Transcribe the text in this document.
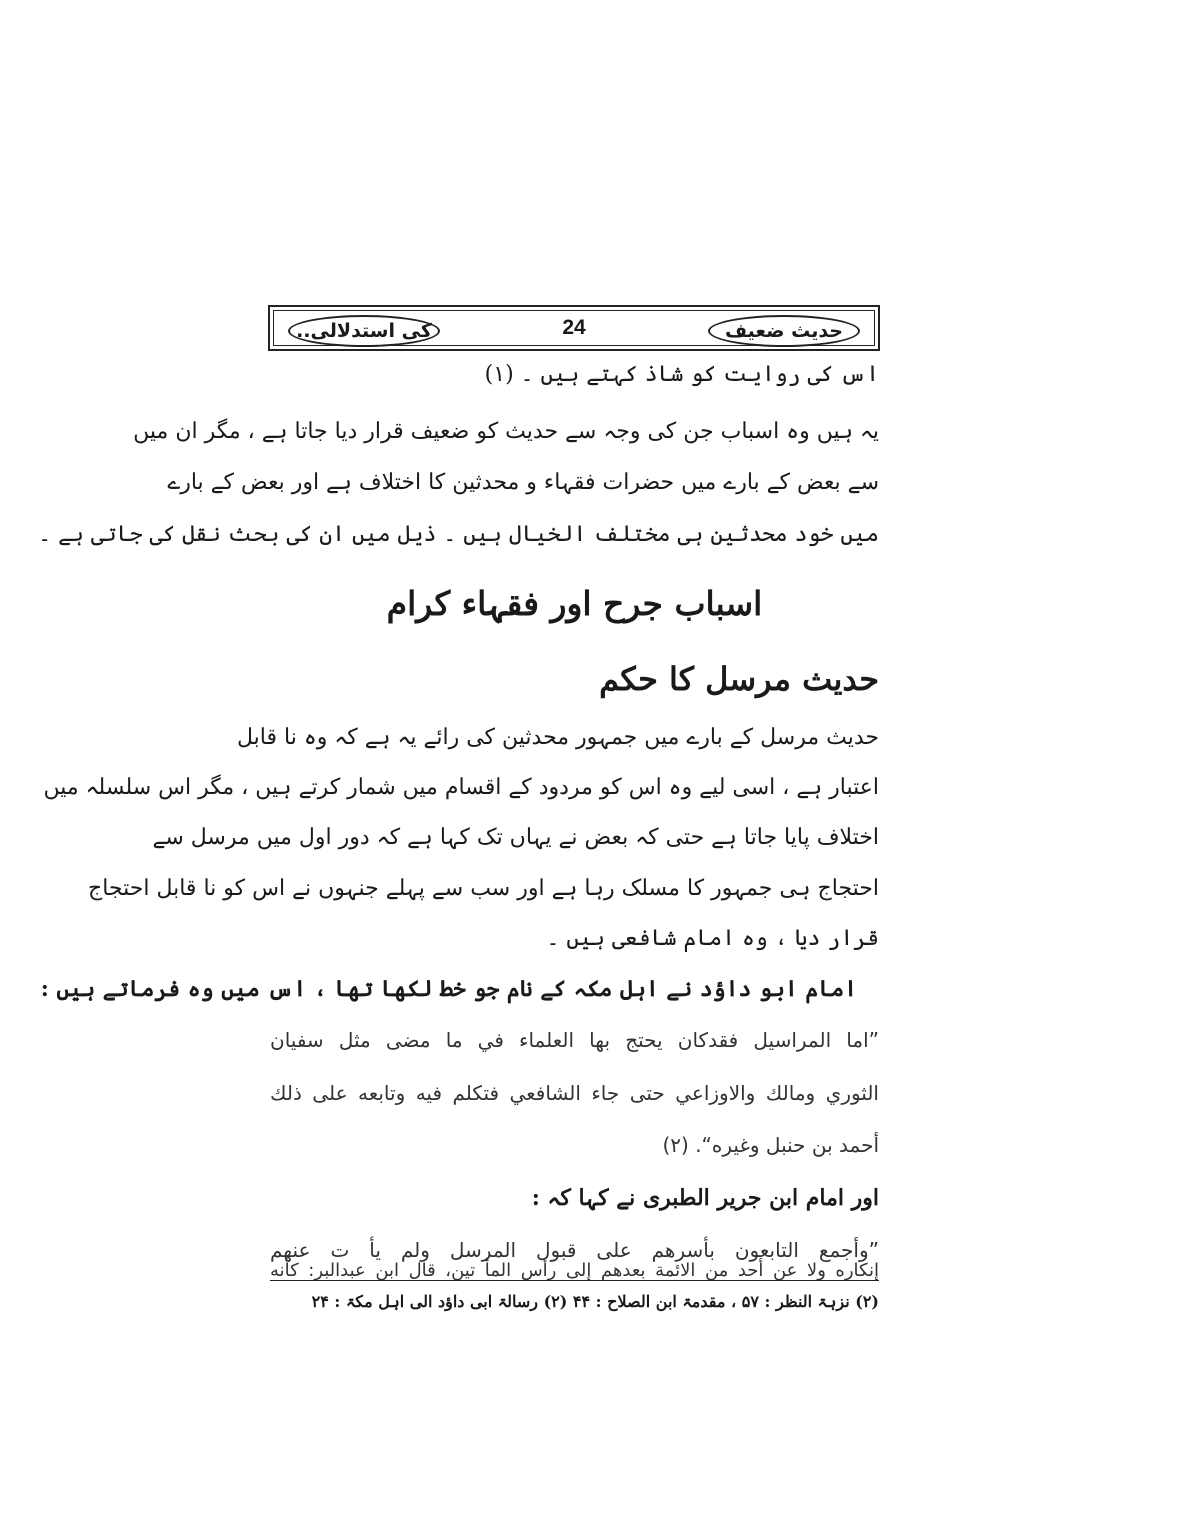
کی استدلالی..	24	حدیث ضعیف
اس کی روایت کو شاذ کہتے ہیں ۔ (۱)
یہ ہیں وہ اسباب جن کی وجہ سے حدیث کو ضعیف قرار دیا جاتا ہے ، مگر ان میں
سے بعض کے بارے میں حضرات فقہاء و محدثین کا اختلاف ہے اور بعض کے بارے
میں خود محدثین ہی مختلف الخیال ہیں ۔ ذیل میں ان کی بحث نقل کی جاتی ہے ۔
اسباب جرح اور فقہاء کرام
حدیث مرسل کا حکم
حدیث مرسل کے بارے میں جمہور محدثین کی رائے یہ ہے کہ وہ نا قابل
اعتبار ہے ، اسی لیے وہ اس کو مردود کے اقسام میں شمار کرتے ہیں ، مگر اس سلسلہ میں
اختلاف پایا جاتا ہے حتی کہ بعض نے یہاں تک کہا ہے کہ دور اول میں مرسل سے
احتجاج ہی جمہور کا مسلک رہا ہے اور سب سے پہلے جنہوں نے اس کو نا قابل احتجاج
قرار دیا ، وہ امام شافعی ہیں ۔
امام ابو داؤد نے اہل مکہ کے نام جو خط لکھا تھا ، اس میں وہ فرماتے ہیں :
”اما المراسيل فقدكان يحتج بها العلماء في ما مضى مثل سفيان
الثوري ومالك والاوزاعي حتى جاء الشافعي فتكلم فيه وتابعه على ذلك
أحمد بن حنبل وغيره“. (۲)
اور امام ابن جریر الطبری نے کہا کہ :
”وأجمع التابعون بأسرهم على قبول المرسل ولم يأ ت عنهم
إنكاره ولا عن أحد من الائمة بعدهم إلى رأس المأ تين، قال ابن عبدالبر: كأنه
(۲) نزہۃ النظر : ۵۷ ، مقدمۃ ابن الصلاح : ۴۴ (۲) رسالۃ ابی داؤد الی اہل مکۃ : ۲۴
